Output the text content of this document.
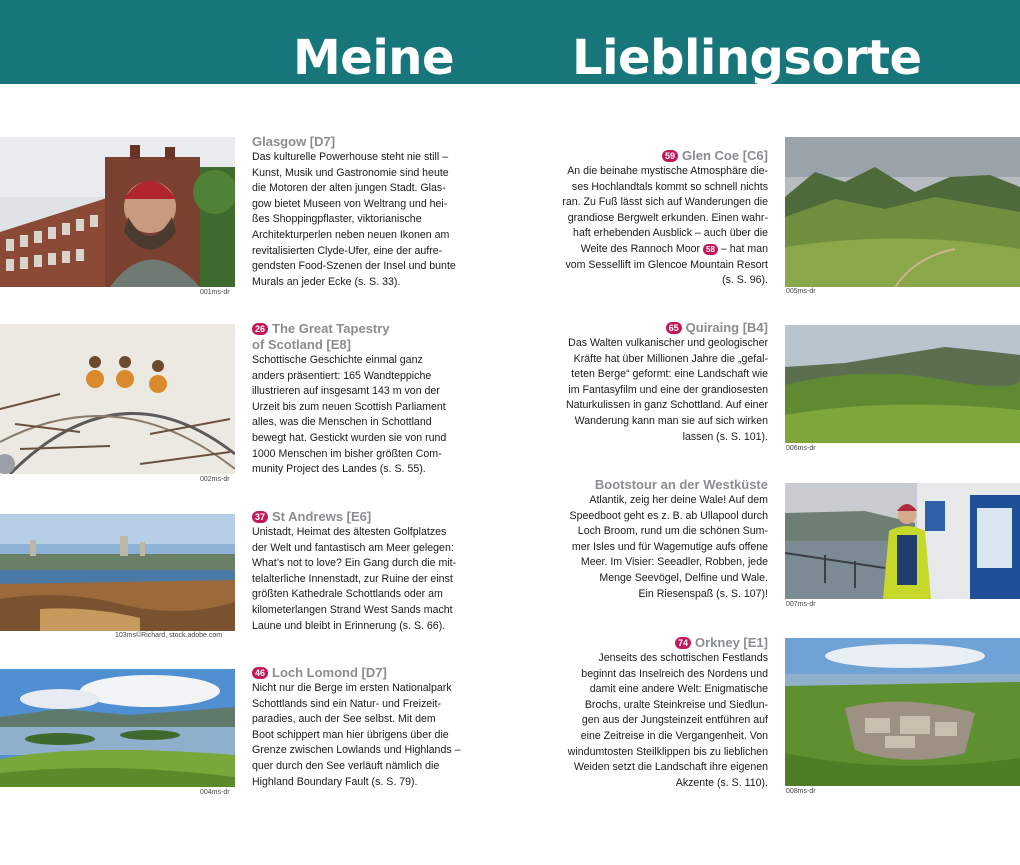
Meine Lieblingsorte
001ms-dr
Glasgow [D7]
Das kulturelle Powerhouse steht nie still –
Kunst, Musik und Gastronomie sind heute
die Motoren der alten jungen Stadt. Glas-
gow bietet Museen von Weltrang und hei-
ßes Shoppingpflaster, viktorianische
Architekturperlen neben neuen Ikonen am
revitalisierten Clyde-Ufer, eine der aufre-
gendsten Food-Szenen der Insel und bunte
Murals an jeder Ecke (s. S. 33).
002ms-dr
26 The Great Tapestry
of Scotland [E8]
Schottische Geschichte einmal ganz
anders präsentiert: 165 Wandteppiche
illustrieren auf insgesamt 143 m von der
Urzeit bis zum neuen Scottish Parliament
alles, was die Menschen in Schottland
bewegt hat. Gestickt wurden sie von rund
1000 Menschen im bisher größten Com-
munity Project des Landes (s. S. 55).
103ms©Richard, stock.adobe.com
37 St Andrews [E6]
Unistadt, Heimat des ältesten Golfplatzes
der Welt und fantastisch am Meer gelegen:
What’s not to love? Ein Gang durch die mit-
telalterliche Innenstadt, zur Ruine der einst
größten Kathedrale Schottlands oder am
kilometerlangen Strand West Sands macht
Laune und bleibt in Erinnerung (s. S. 66).
004ms-dr
46 Loch Lomond [D7]
Nicht nur die Berge im ersten Nationalpark
Schottlands sind ein Natur- und Freizeit-
paradies, auch der See selbst. Mit dem
Boot schippert man hier übrigens über die
Grenze zwischen Lowlands und Highlands –
quer durch den See verläuft nämlich die
Highland Boundary Fault (s. S. 79).
59 Glen Coe [C6]
An die beinahe mystische Atmosphäre die-
ses Hochlandtals kommt so schnell nichts
ran. Zu Fuß lässt sich auf Wanderungen die
grandiose Bergwelt erkunden. Einen wahr-
haft erhebenden Ausblick – auch über die
Weite des Rannoch Moor 58 – hat man
vom Sessellift im Glencoe Mountain Resort
(s. S. 96).
005ms-dr
65 Quiraing [B4]
Das Walten vulkanischer und geologischer
Kräfte hat über Millionen Jahre die „gefal-
teten Berge“ geformt: eine Landschaft wie
im Fantasyfilm und eine der grandiosesten
Naturkulissen in ganz Schottland. Auf einer
Wanderung kann man sie auf sich wirken
lassen (s. S. 101).
006ms-dr
Bootstour an der Westküste
Atlantik, zeig her deine Wale! Auf dem
Speedboot geht es z. B. ab Ullapool durch
Loch Broom, rund um die schönen Sum-
mer Isles und für Wagemutige aufs offene
Meer. Im Visier: Seeadler, Robben, jede
Menge Seevögel, Delfine und Wale.
Ein Riesenspaß (s. S. 107)!
007ms-dr
74 Orkney [E1]
Jenseits des schottischen Festlands
beginnt das Inselreich des Nordens und
damit eine andere Welt: Enigmatische
Brochs, uralte Steinkreise und Siedlun-
gen aus der Jungsteinzeit entführen auf
eine Zeitreise in die Vergangenheit. Von
windumtosten Steilklippen bis zu lieblichen
Weiden setzt die Landschaft ihre eigenen
Akzente (s. S. 110).
008ms-dr
